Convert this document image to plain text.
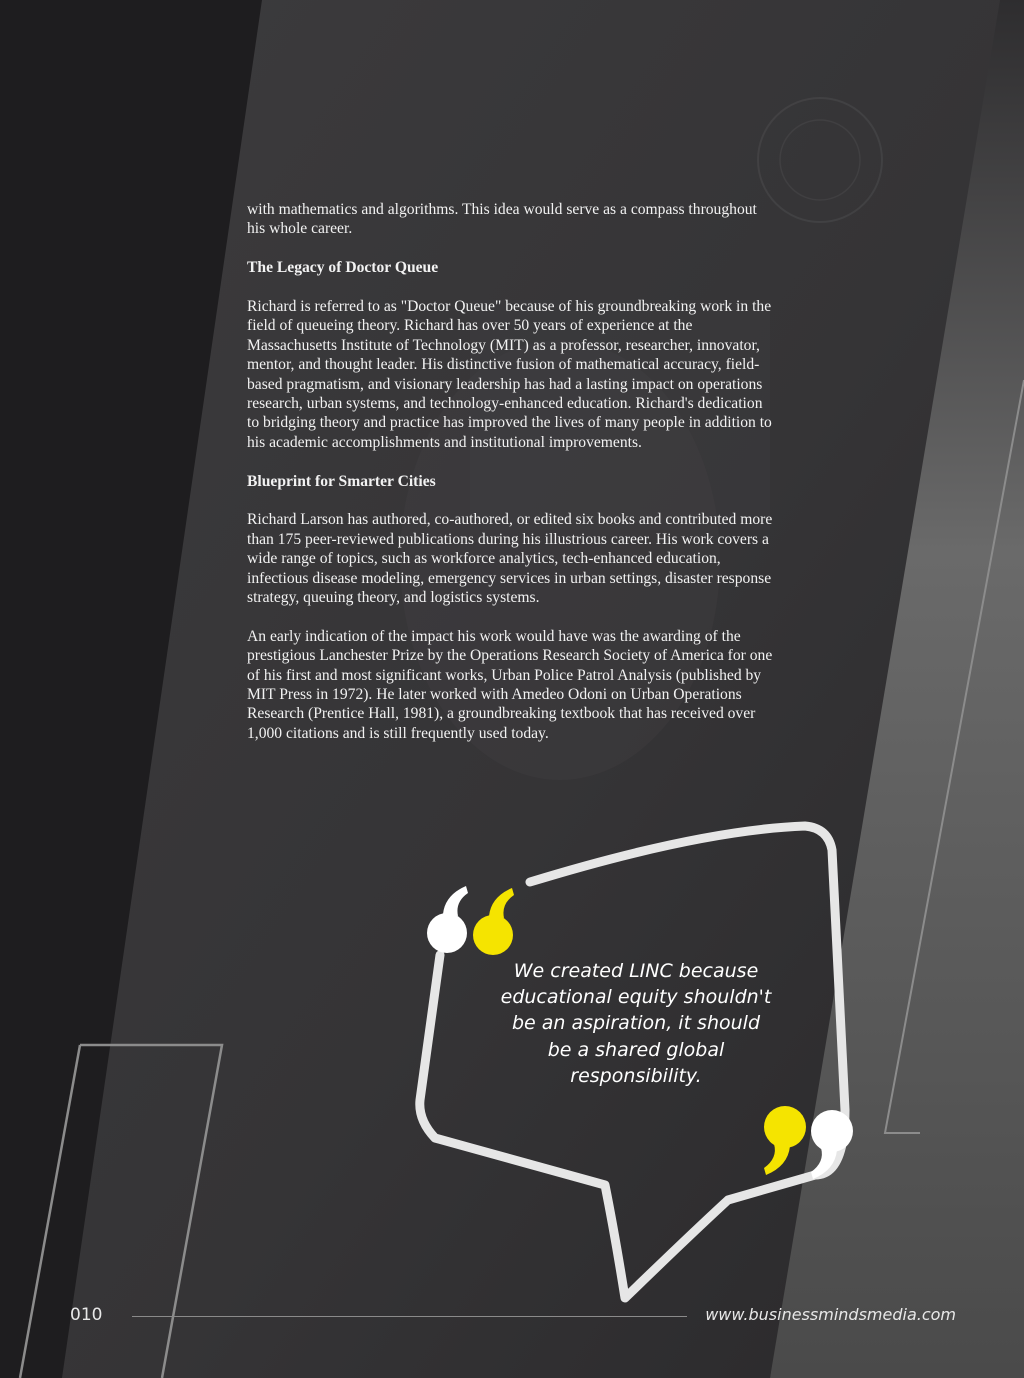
with mathematics and algorithms. This idea would serve as a compass throughout his whole career.

The Legacy of Doctor Queue

Richard is referred to as "Doctor Queue" because of his groundbreaking work in the field of queueing theory. Richard has over 50 years of experience at the Massachusetts Institute of Technology (MIT) as a professor, researcher, innovator, mentor, and thought leader. His distinctive fusion of mathematical accuracy, field-based pragmatism, and visionary leadership has had a lasting impact on operations research, urban systems, and technology-enhanced education. Richard's dedication to bridging theory and practice has improved the lives of many people in addition to his academic accomplishments and institutional improvements.

Blueprint for Smarter Cities

Richard Larson has authored, co-authored, or edited six books and contributed more than 175 peer-reviewed publications during his illustrious career. His work covers a wide range of topics, such as workforce analytics, tech-enhanced education, infectious disease modeling, emergency services in urban settings, disaster response strategy, queuing theory, and logistics systems.

An early indication of the impact his work would have was the awarding of the prestigious Lanchester Prize by the Operations Research Society of America for one of his first and most significant works, Urban Police Patrol Analysis (published by MIT Press in 1972). He later worked with Amedeo Odoni on Urban Operations Research (Prentice Hall, 1981), a groundbreaking textbook that has received over 1,000 citations and is still frequently used today.

We created LINC because educational equity shouldn't be an aspiration, it should be a shared global responsibility.
010	www.businessmindsmedia.com
